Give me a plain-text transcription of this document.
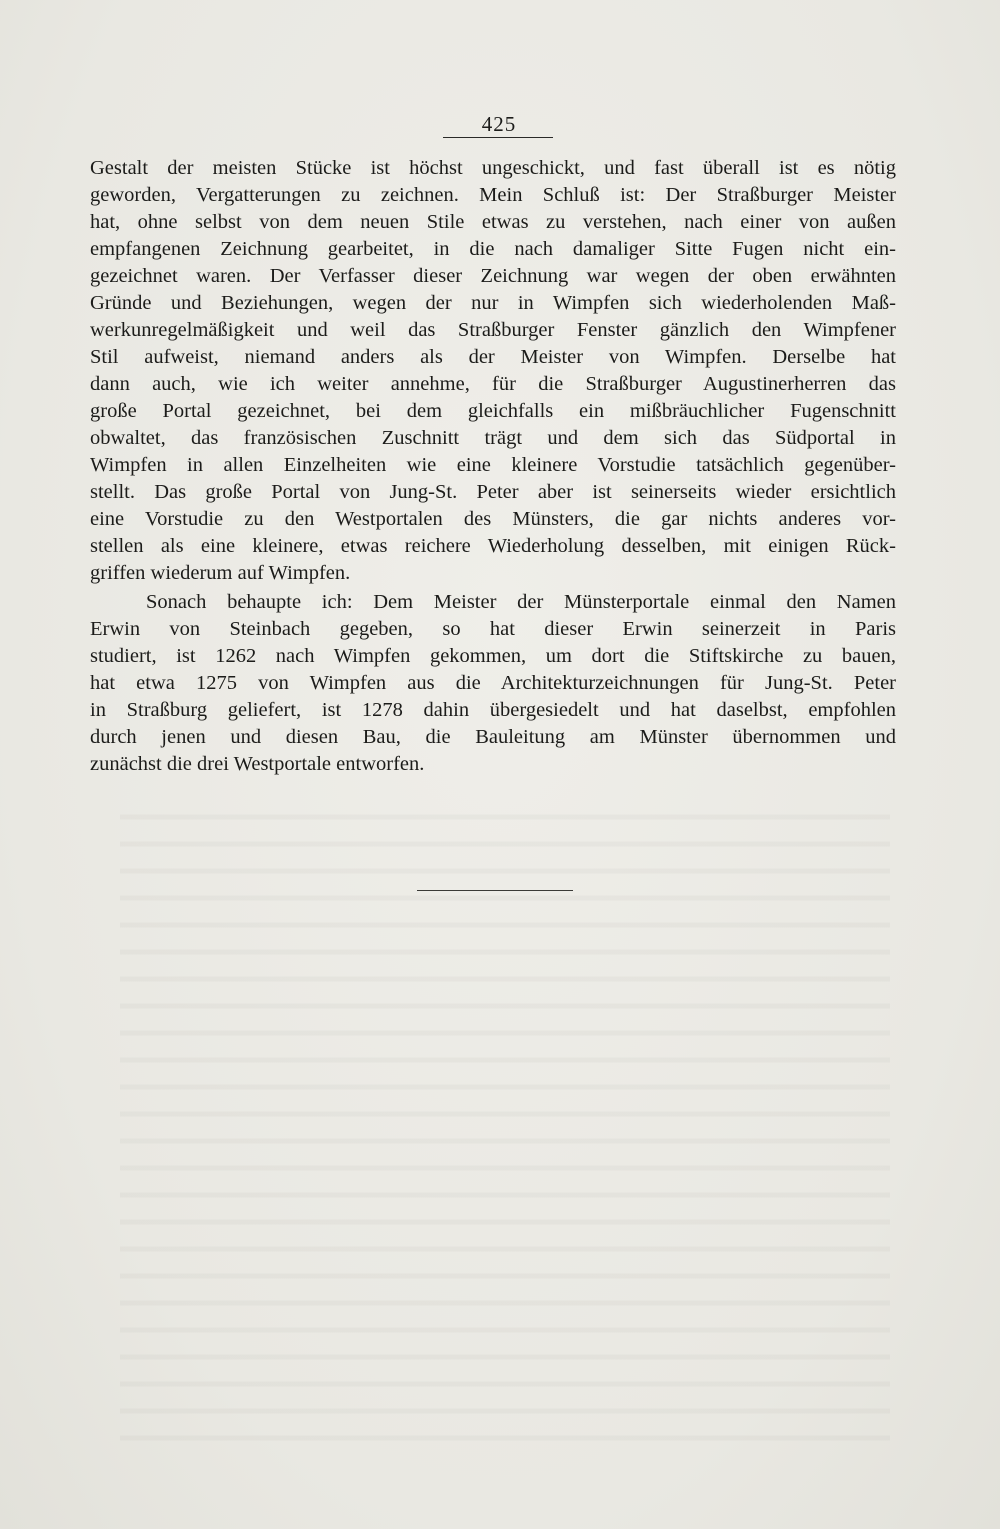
425
Gestalt der meisten Stücke ist höchst ungeschickt, und fast überall ist es nötig
geworden, Vergatterungen zu zeichnen. Mein Schluß ist: Der Straßburger Meister
hat, ohne selbst von dem neuen Stile etwas zu verstehen, nach einer von außen
empfangenen Zeichnung gearbeitet, in die nach damaliger Sitte Fugen nicht ein-
gezeichnet waren. Der Verfasser dieser Zeichnung war wegen der oben erwähnten
Gründe und Beziehungen, wegen der nur in Wimpfen sich wiederholenden Maß-
werkunregelmäßigkeit und weil das Straßburger Fenster gänzlich den Wimpfener
Stil aufweist, niemand anders als der Meister von Wimpfen. Derselbe hat
dann auch, wie ich weiter annehme, für die Straßburger Augustinerherren das
große Portal gezeichnet, bei dem gleichfalls ein mißbräuchlicher Fugenschnitt
obwaltet, das französischen Zuschnitt trägt und dem sich das Südportal in
Wimpfen in allen Einzelheiten wie eine kleinere Vorstudie tatsächlich gegenüber-
stellt. Das große Portal von Jung-St. Peter aber ist seinerseits wieder ersichtlich
eine Vorstudie zu den Westportalen des Münsters, die gar nichts anderes vor-
stellen als eine kleinere, etwas reichere Wiederholung desselben, mit einigen Rück-
griffen wiederum auf Wimpfen.
Sonach behaupte ich: Dem Meister der Münsterportale einmal den Namen
Erwin von Steinbach gegeben, so hat dieser Erwin seinerzeit in Paris
studiert, ist 1262 nach Wimpfen gekommen, um dort die Stiftskirche zu bauen,
hat etwa 1275 von Wimpfen aus die Architekturzeichnungen für Jung-St. Peter
in Straßburg geliefert, ist 1278 dahin übergesiedelt und hat daselbst, empfohlen
durch jenen und diesen Bau, die Bauleitung am Münster übernommen und
zunächst die drei Westportale entworfen.
